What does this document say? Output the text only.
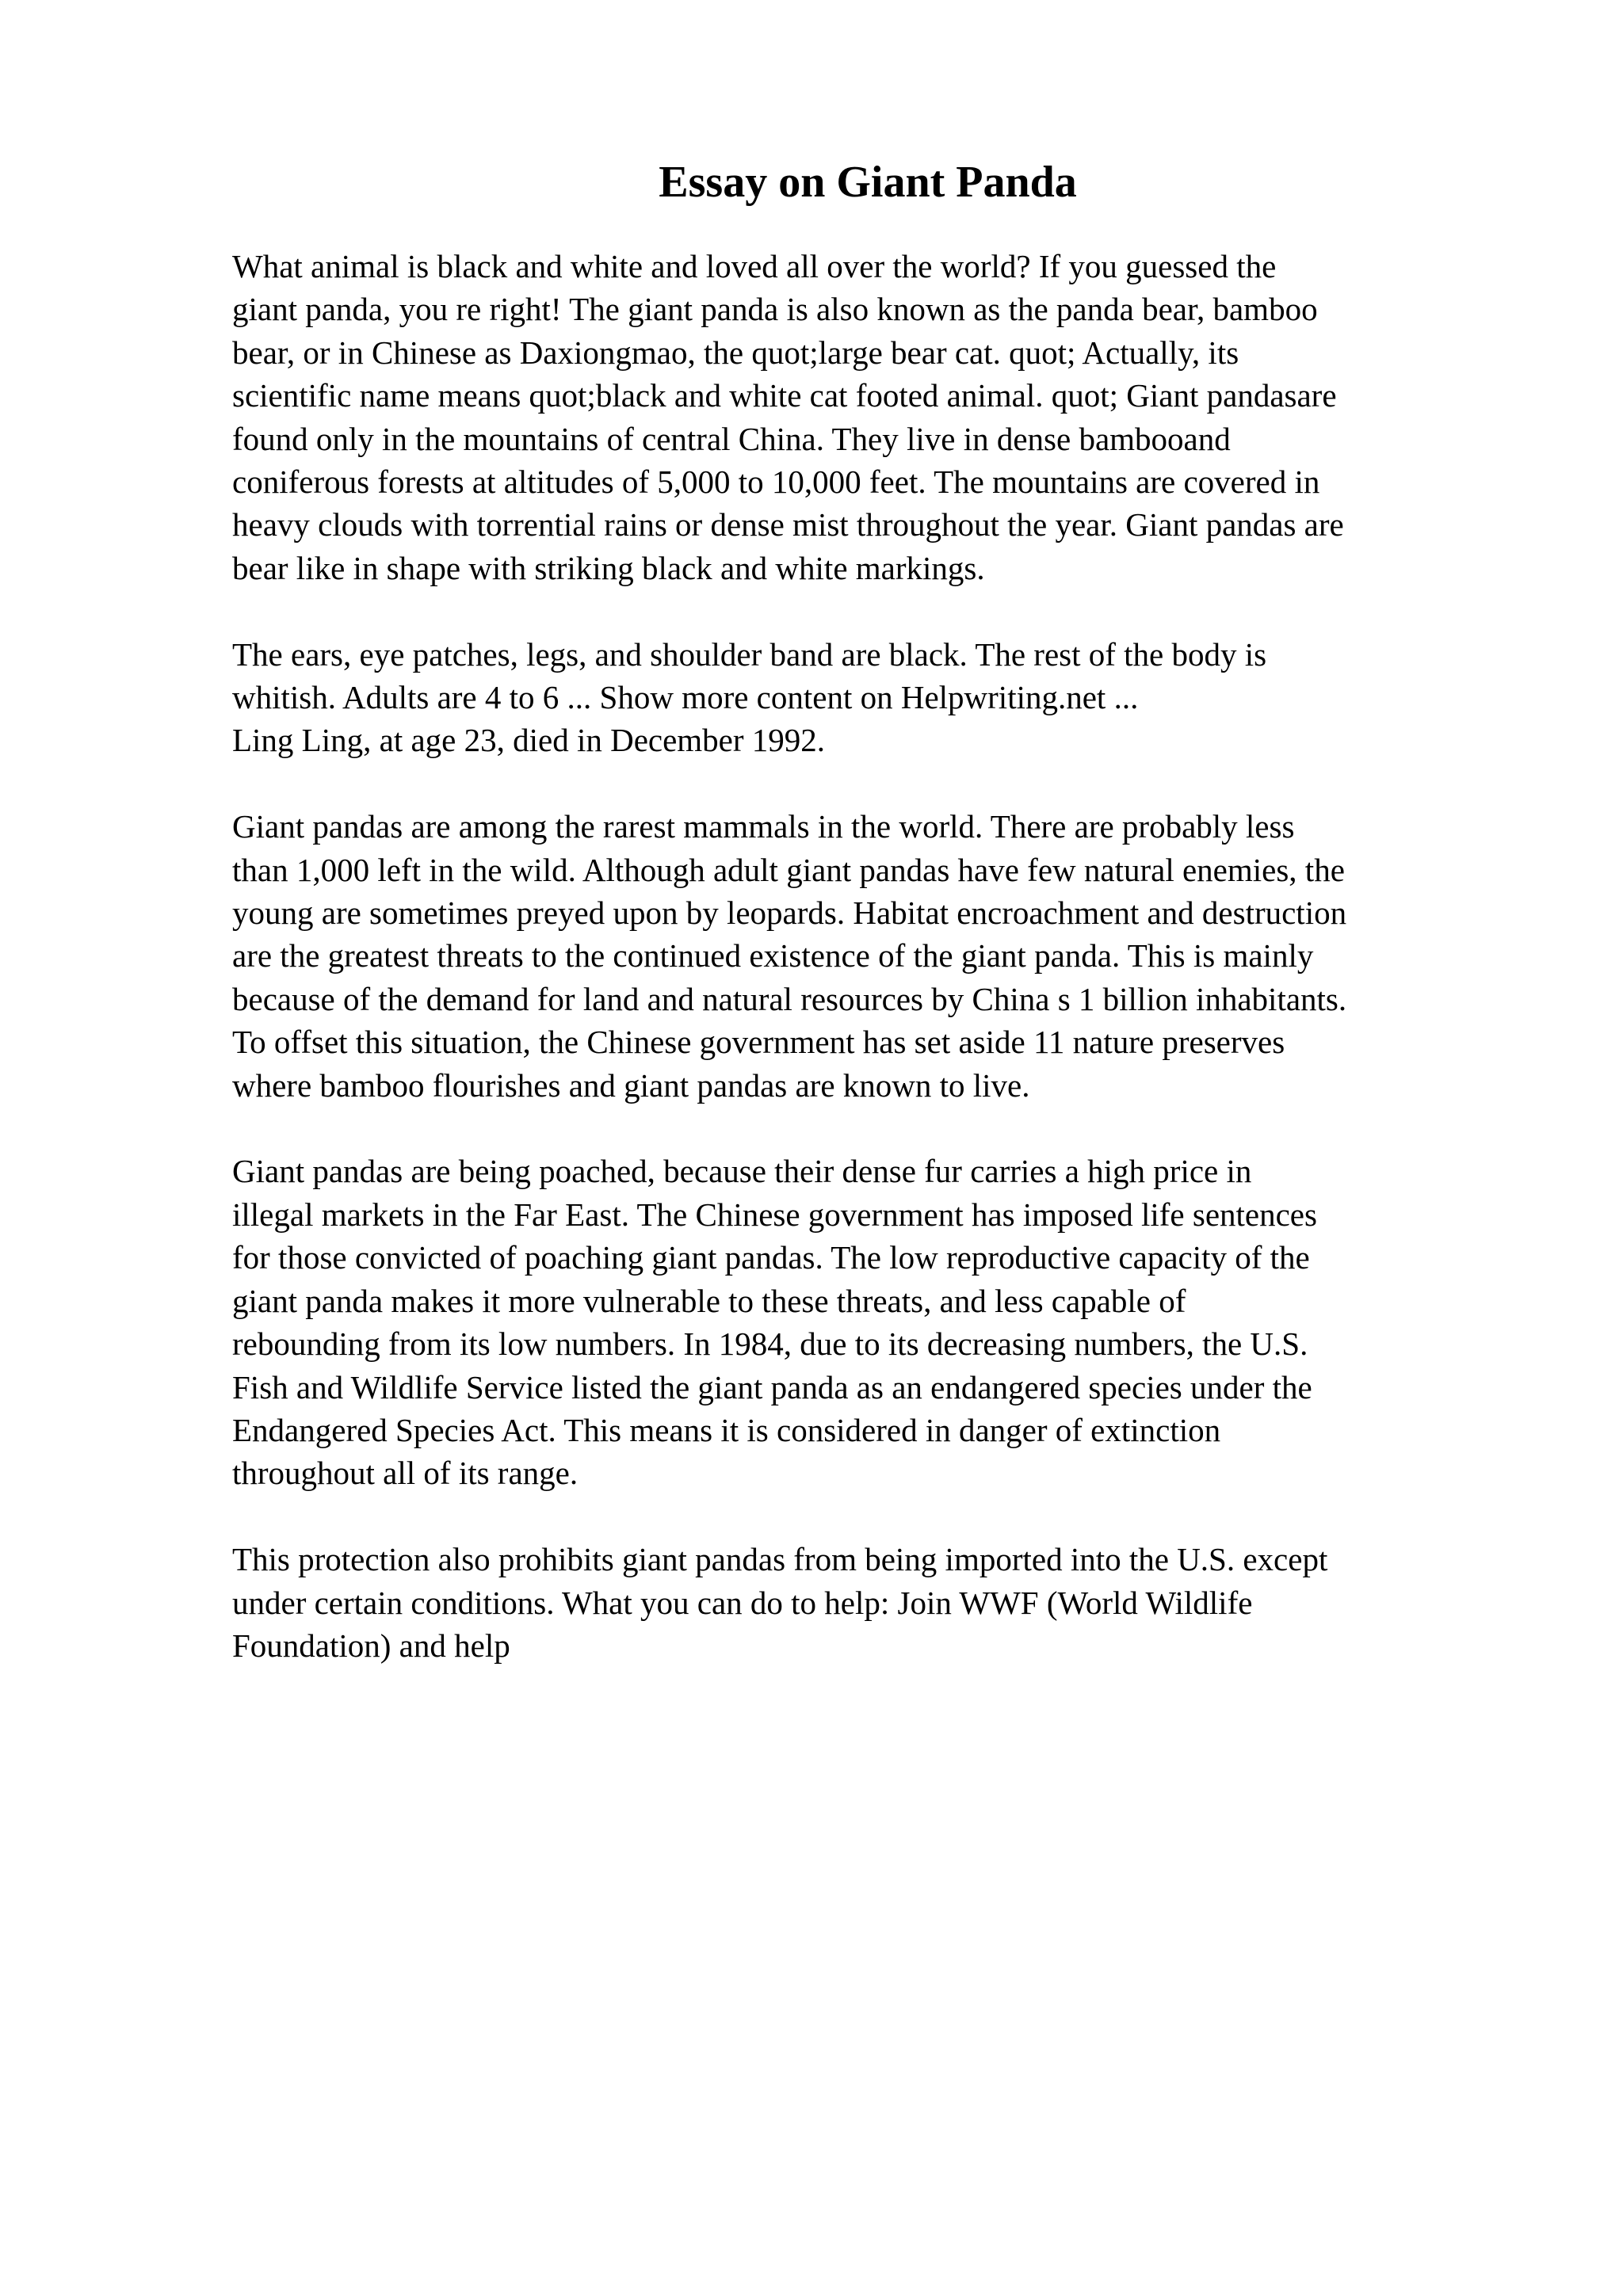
Essay on Giant Panda

What animal is black and white and loved all over the world? If you guessed the
giant panda, you re right! The giant panda is also known as the panda bear, bamboo
bear, or in Chinese as Daxiongmao, the quot;large bear cat. quot; Actually, its
scientific name means quot;black and white cat footed animal. quot; Giant pandasare
found only in the mountains of central China. They live in dense bambooand
coniferous forests at altitudes of 5,000 to 10,000 feet. The mountains are covered in
heavy clouds with torrential rains or dense mist throughout the year. Giant pandas are
bear like in shape with striking black and white markings.

The ears, eye patches, legs, and shoulder band are black. The rest of the body is
whitish. Adults are 4 to 6 ... Show more content on Helpwriting.net ...
Ling Ling, at age 23, died in December 1992.

Giant pandas are among the rarest mammals in the world. There are probably less
than 1,000 left in the wild. Although adult giant pandas have few natural enemies, the
young are sometimes preyed upon by leopards. Habitat encroachment and destruction
are the greatest threats to the continued existence of the giant panda. This is mainly
because of the demand for land and natural resources by China s 1 billion inhabitants.
To offset this situation, the Chinese government has set aside 11 nature preserves
where bamboo flourishes and giant pandas are known to live.

Giant pandas are being poached, because their dense fur carries a high price in
illegal markets in the Far East. The Chinese government has imposed life sentences
for those convicted of poaching giant pandas. The low reproductive capacity of the
giant panda makes it more vulnerable to these threats, and less capable of
rebounding from its low numbers. In 1984, due to its decreasing numbers, the U.S.
Fish and Wildlife Service listed the giant panda as an endangered species under the
Endangered Species Act. This means it is considered in danger of extinction
throughout all of its range.

This protection also prohibits giant pandas from being imported into the U.S. except
under certain conditions. What you can do to help: Join WWF (World Wildlife
Foundation) and help
